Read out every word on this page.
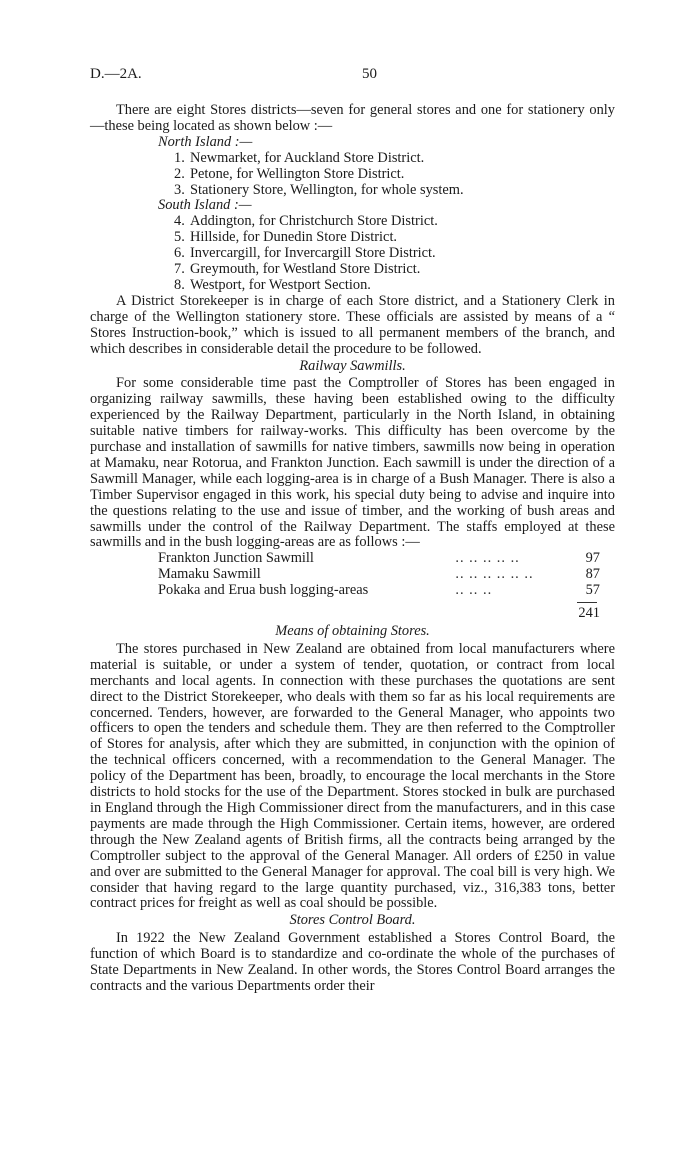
D.—2A.	50

There are eight Stores districts—seven for general stores and one for stationery only—these being located as shown below :—

North Island :—

1. Newmarket, for Auckland Store District.

2. Petone, for Wellington Store District.

3. Stationery Store, Wellington, for whole system.

South Island :—

4. Addington, for Christchurch Store District.

5. Hillside, for Dunedin Store District.

6. Invercargill, for Invercargill Store District.

7. Greymouth, for Westland Store District.

8. Westport, for Westport Section.

A District Storekeeper is in charge of each Store district, and a Stationery Clerk in charge of the Wellington stationery store. These officials are assisted by means of a “ Stores Instruction-book,” which is issued to all permanent members of the branch, and which describes in considerable detail the procedure to be followed.

Railway Sawmills.

For some considerable time past the Comptroller of Stores has been engaged in organizing railway sawmills, these having been established owing to the difficulty experienced by the Railway Department, particularly in the North Island, in obtaining suitable native timbers for railway-works. This difficulty has been overcome by the purchase and installation of sawmills for native timbers, sawmills now being in operation at Mamaku, near Rotorua, and Frankton Junction. Each sawmill is under the direction of a Sawmill Manager, while each logging-area is in charge of a Bush Manager. There is also a Timber Supervisor engaged in this work, his special duty being to advise and inquire into the questions relating to the use and issue of timber, and the working of bush areas and sawmills under the control of the Railway Department. The staffs employed at these sawmills and in the bush logging-areas are as follows :—

Frankton Junction Sawmill	.. .. .. .. ..	97
Mamaku Sawmill	.. .. .. .. .. ..	87
Pokaka and Erua bush logging-areas	.. .. ..	57

241

Means of obtaining Stores.

The stores purchased in New Zealand are obtained from local manufacturers where material is suitable, or under a system of tender, quotation, or contract from local merchants and local agents. In connection with these purchases the quotations are sent direct to the District Storekeeper, who deals with them so far as his local requirements are concerned. Tenders, however, are forwarded to the General Manager, who appoints two officers to open the tenders and schedule them. They are then referred to the Comptroller of Stores for analysis, after which they are submitted, in conjunction with the opinion of the technical officers concerned, with a recommendation to the General Manager. The policy of the Department has been, broadly, to encourage the local merchants in the Store districts to hold stocks for the use of the Department. Stores stocked in bulk are purchased in England through the High Commissioner direct from the manufacturers, and in this case payments are made through the High Commissioner. Certain items, however, are ordered through the New Zealand agents of British firms, all the contracts being arranged by the Comptroller subject to the approval of the General Manager. All orders of £250 in value and over are submitted to the General Manager for approval. The coal bill is very high. We consider that having regard to the large quantity purchased, viz., 316,383 tons, better contract prices for freight as well as coal should be possible.

Stores Control Board.

In 1922 the New Zealand Government established a Stores Control Board, the function of which Board is to standardize and co-ordinate the whole of the purchases of State Departments in New Zealand. In other words, the Stores Control Board arranges the contracts and the various Departments order their
